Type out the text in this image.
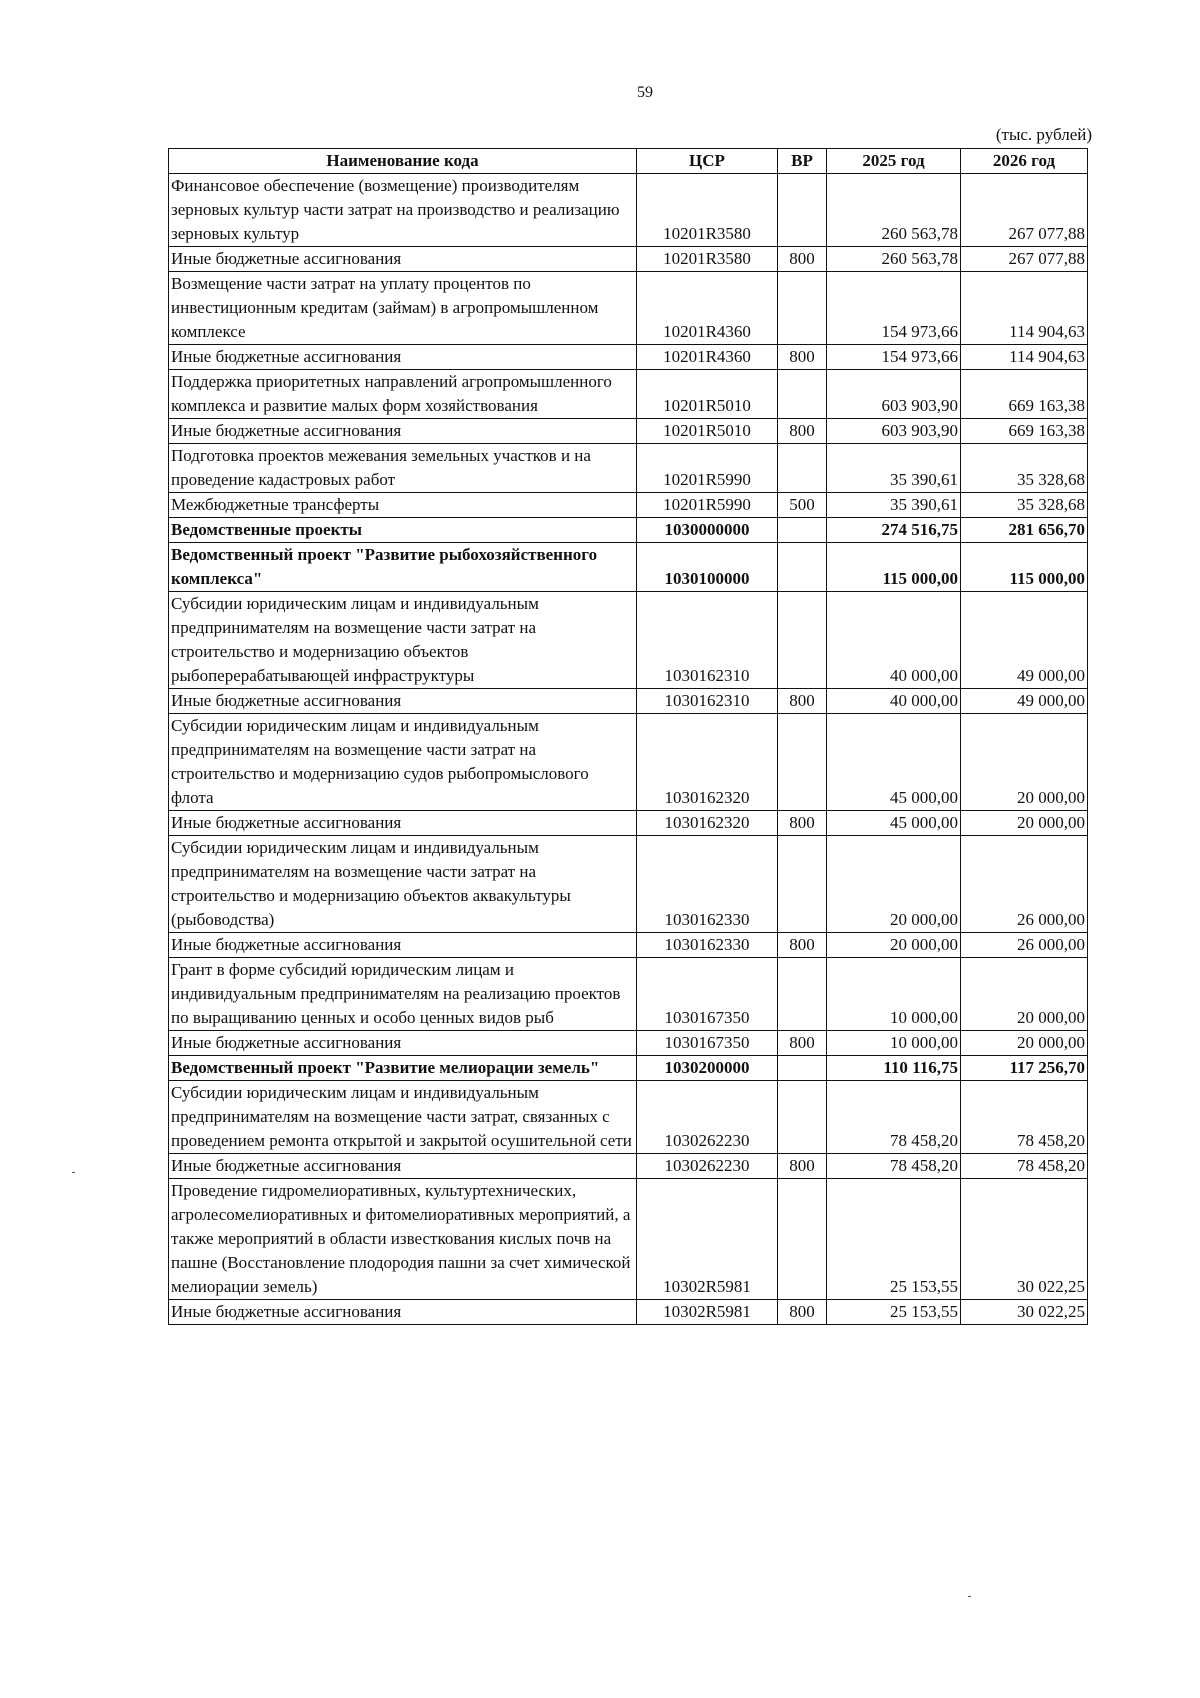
59
(тыс. рублей)
Наименование кода	ЦСР	ВР	2025 год	2026 год
Финансовое обеспечение (возмещение) производителям зерновых культур части затрат на производство и реализацию зерновых культур	10201R3580		260 563,78	267 077,88
Иные бюджетные ассигнования	10201R3580	800	260 563,78	267 077,88
Возмещение части затрат на уплату процентов по инвестиционным кредитам (займам) в агропромышленном комплексе	10201R4360		154 973,66	114 904,63
Иные бюджетные ассигнования	10201R4360	800	154 973,66	114 904,63
Поддержка приоритетных направлений агропромышленного комплекса и развитие малых форм хозяйствования	10201R5010		603 903,90	669 163,38
Иные бюджетные ассигнования	10201R5010	800	603 903,90	669 163,38
Подготовка проектов межевания земельных участков и на проведение кадастровых работ	10201R5990		35 390,61	35 328,68
Межбюджетные трансферты	10201R5990	500	35 390,61	35 328,68
Ведомственные проекты	1030000000		274 516,75	281 656,70
Ведомственный проект "Развитие рыбохозяйственного комплекса"	1030100000		115 000,00	115 000,00
Субсидии юридическим лицам и индивидуальным предпринимателям на возмещение части затрат на строительство и модернизацию объектов рыбоперерабатывающей инфраструктуры	1030162310		40 000,00	49 000,00
Иные бюджетные ассигнования	1030162310	800	40 000,00	49 000,00
Субсидии юридическим лицам и индивидуальным предпринимателям на возмещение части затрат на строительство и модернизацию судов рыбопромыслового флота	1030162320		45 000,00	20 000,00
Иные бюджетные ассигнования	1030162320	800	45 000,00	20 000,00
Субсидии юридическим лицам и индивидуальным предпринимателям на возмещение части затрат на строительство и модернизацию объектов аквакультуры (рыбоводства)	1030162330		20 000,00	26 000,00
Иные бюджетные ассигнования	1030162330	800	20 000,00	26 000,00
Грант в форме субсидий юридическим лицам и индивидуальным предпринимателям на реализацию проектов по выращиванию ценных и особо ценных видов рыб	1030167350		10 000,00	20 000,00
Иные бюджетные ассигнования	1030167350	800	10 000,00	20 000,00
Ведомственный проект "Развитие мелиорации земель"	1030200000		110 116,75	117 256,70
Субсидии юридическим лицам и индивидуальным предпринимателям на возмещение части затрат, связанных с проведением ремонта открытой и закрытой осушительной сети	1030262230		78 458,20	78 458,20
Иные бюджетные ассигнования	1030262230	800	78 458,20	78 458,20
Проведение гидромелиоративных, культуртехнических, агролесомелиоративных и фитомелиоративных мероприятий, а также мероприятий в области известкования кислых почв на пашне (Восстановление плодородия пашни за счет химической мелиорации земель)	10302R5981		25 153,55	30 022,25
Иные бюджетные ассигнования	10302R5981	800	25 153,55	30 022,25
